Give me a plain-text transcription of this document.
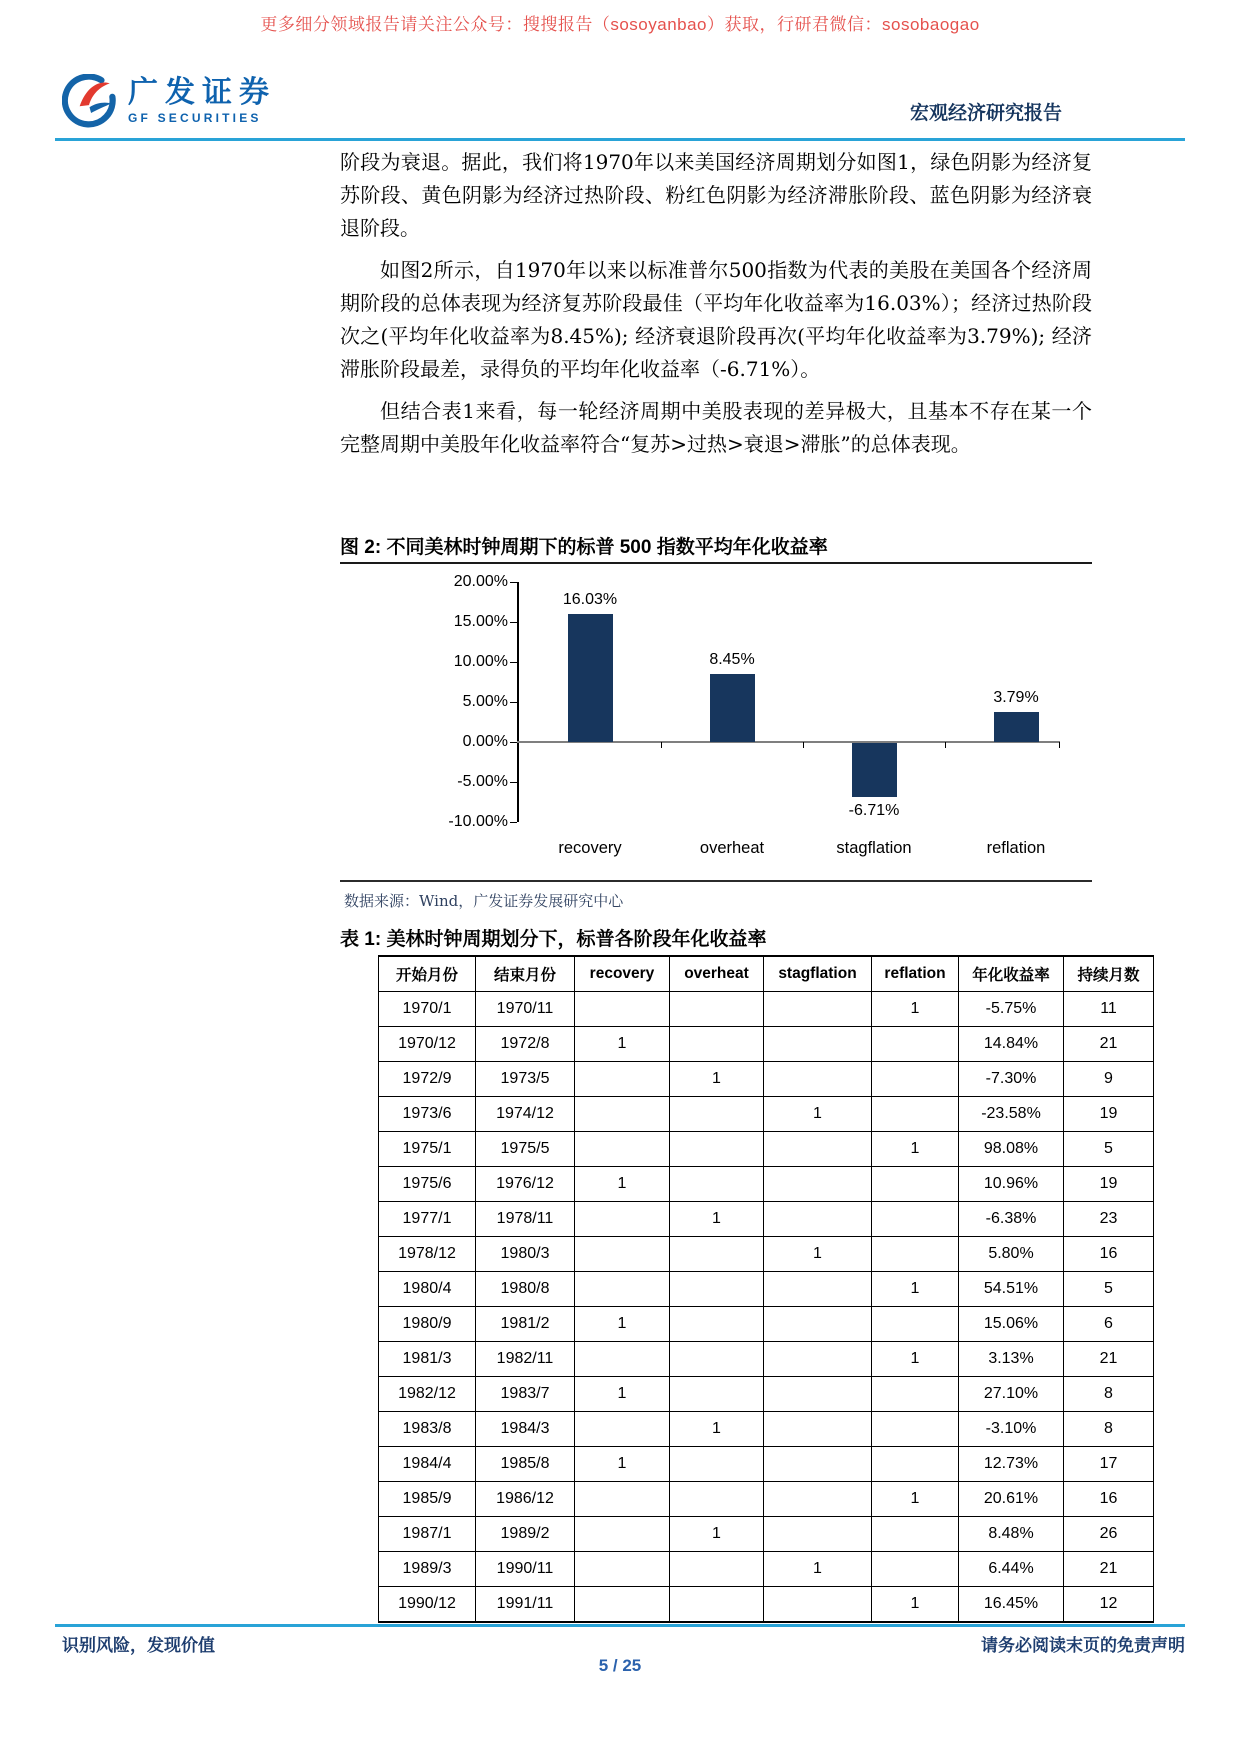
更多细分领域报告请关注公众号：搜搜报告（sosoyanbao）获取，行研君微信：sosobaogao
广发证券
GF SECURITIES	宏观经济研究报告

阶段为衰退。据此，我们将1970年以来美国经济周期划分如图1，绿色阴影为经济复苏阶段、黄色阴影为经济过热阶段、粉红色阴影为经济滞胀阶段、蓝色阴影为经济衰退阶段。

如图2所示，自1970年以来以标准普尔500指数为代表的美股在美国各个经济周期阶段的总体表现为经济复苏阶段最佳（平均年化收益率为16.03%）；经济过热阶段次之(平均年化收益率为8.45%); 经济衰退阶段再次(平均年化收益率为3.79%); 经济滞胀阶段最差，录得负的平均年化收益率（-6.71%）。

但结合表1来看，每一轮经济周期中美股表现的差异极大，且基本不存在某一个完整周期中美股年化收益率符合“复苏>过热>衰退>滞胀”的总体表现。

图 2: 不同美林时钟周期下的标普 500 指数平均年化收益率
20.00%
15.00%
10.00%
5.00%
0.00%
-5.00%
-10.00%
16.03%
recovery
8.45%
overheat
-6.71%
stagflation
3.79%
reflation
数据来源：Wind，广发证券发展研究中心
表 1: 美林时钟周期划分下，标普各阶段年化收益率
开始月份	结束月份	recovery	overheat	stagflation	reflation	年化收益率	持续月数
1970/1	1970/11				1	-5.75%	11
1970/12	1972/8	1				14.84%	21
1972/9	1973/5		1			-7.30%	9
1973/6	1974/12			1		-23.58%	19
1975/1	1975/5				1	98.08%	5
1975/6	1976/12	1				10.96%	19
1977/1	1978/11		1			-6.38%	23
1978/12	1980/3			1		5.80%	16
1980/4	1980/8				1	54.51%	5
1980/9	1981/2	1				15.06%	6
1981/3	1982/11				1	3.13%	21
1982/12	1983/7	1				27.10%	8
1983/8	1984/3		1			-3.10%	8
1984/4	1985/8	1				12.73%	17
1985/9	1986/12				1	20.61%	16
1987/1	1989/2		1			8.48%	26
1989/3	1990/11			1		6.44%	21
1990/12	1991/11				1	16.45%	12
识别风险，发现价值	请务必阅读末页的免责声明
5 / 25
